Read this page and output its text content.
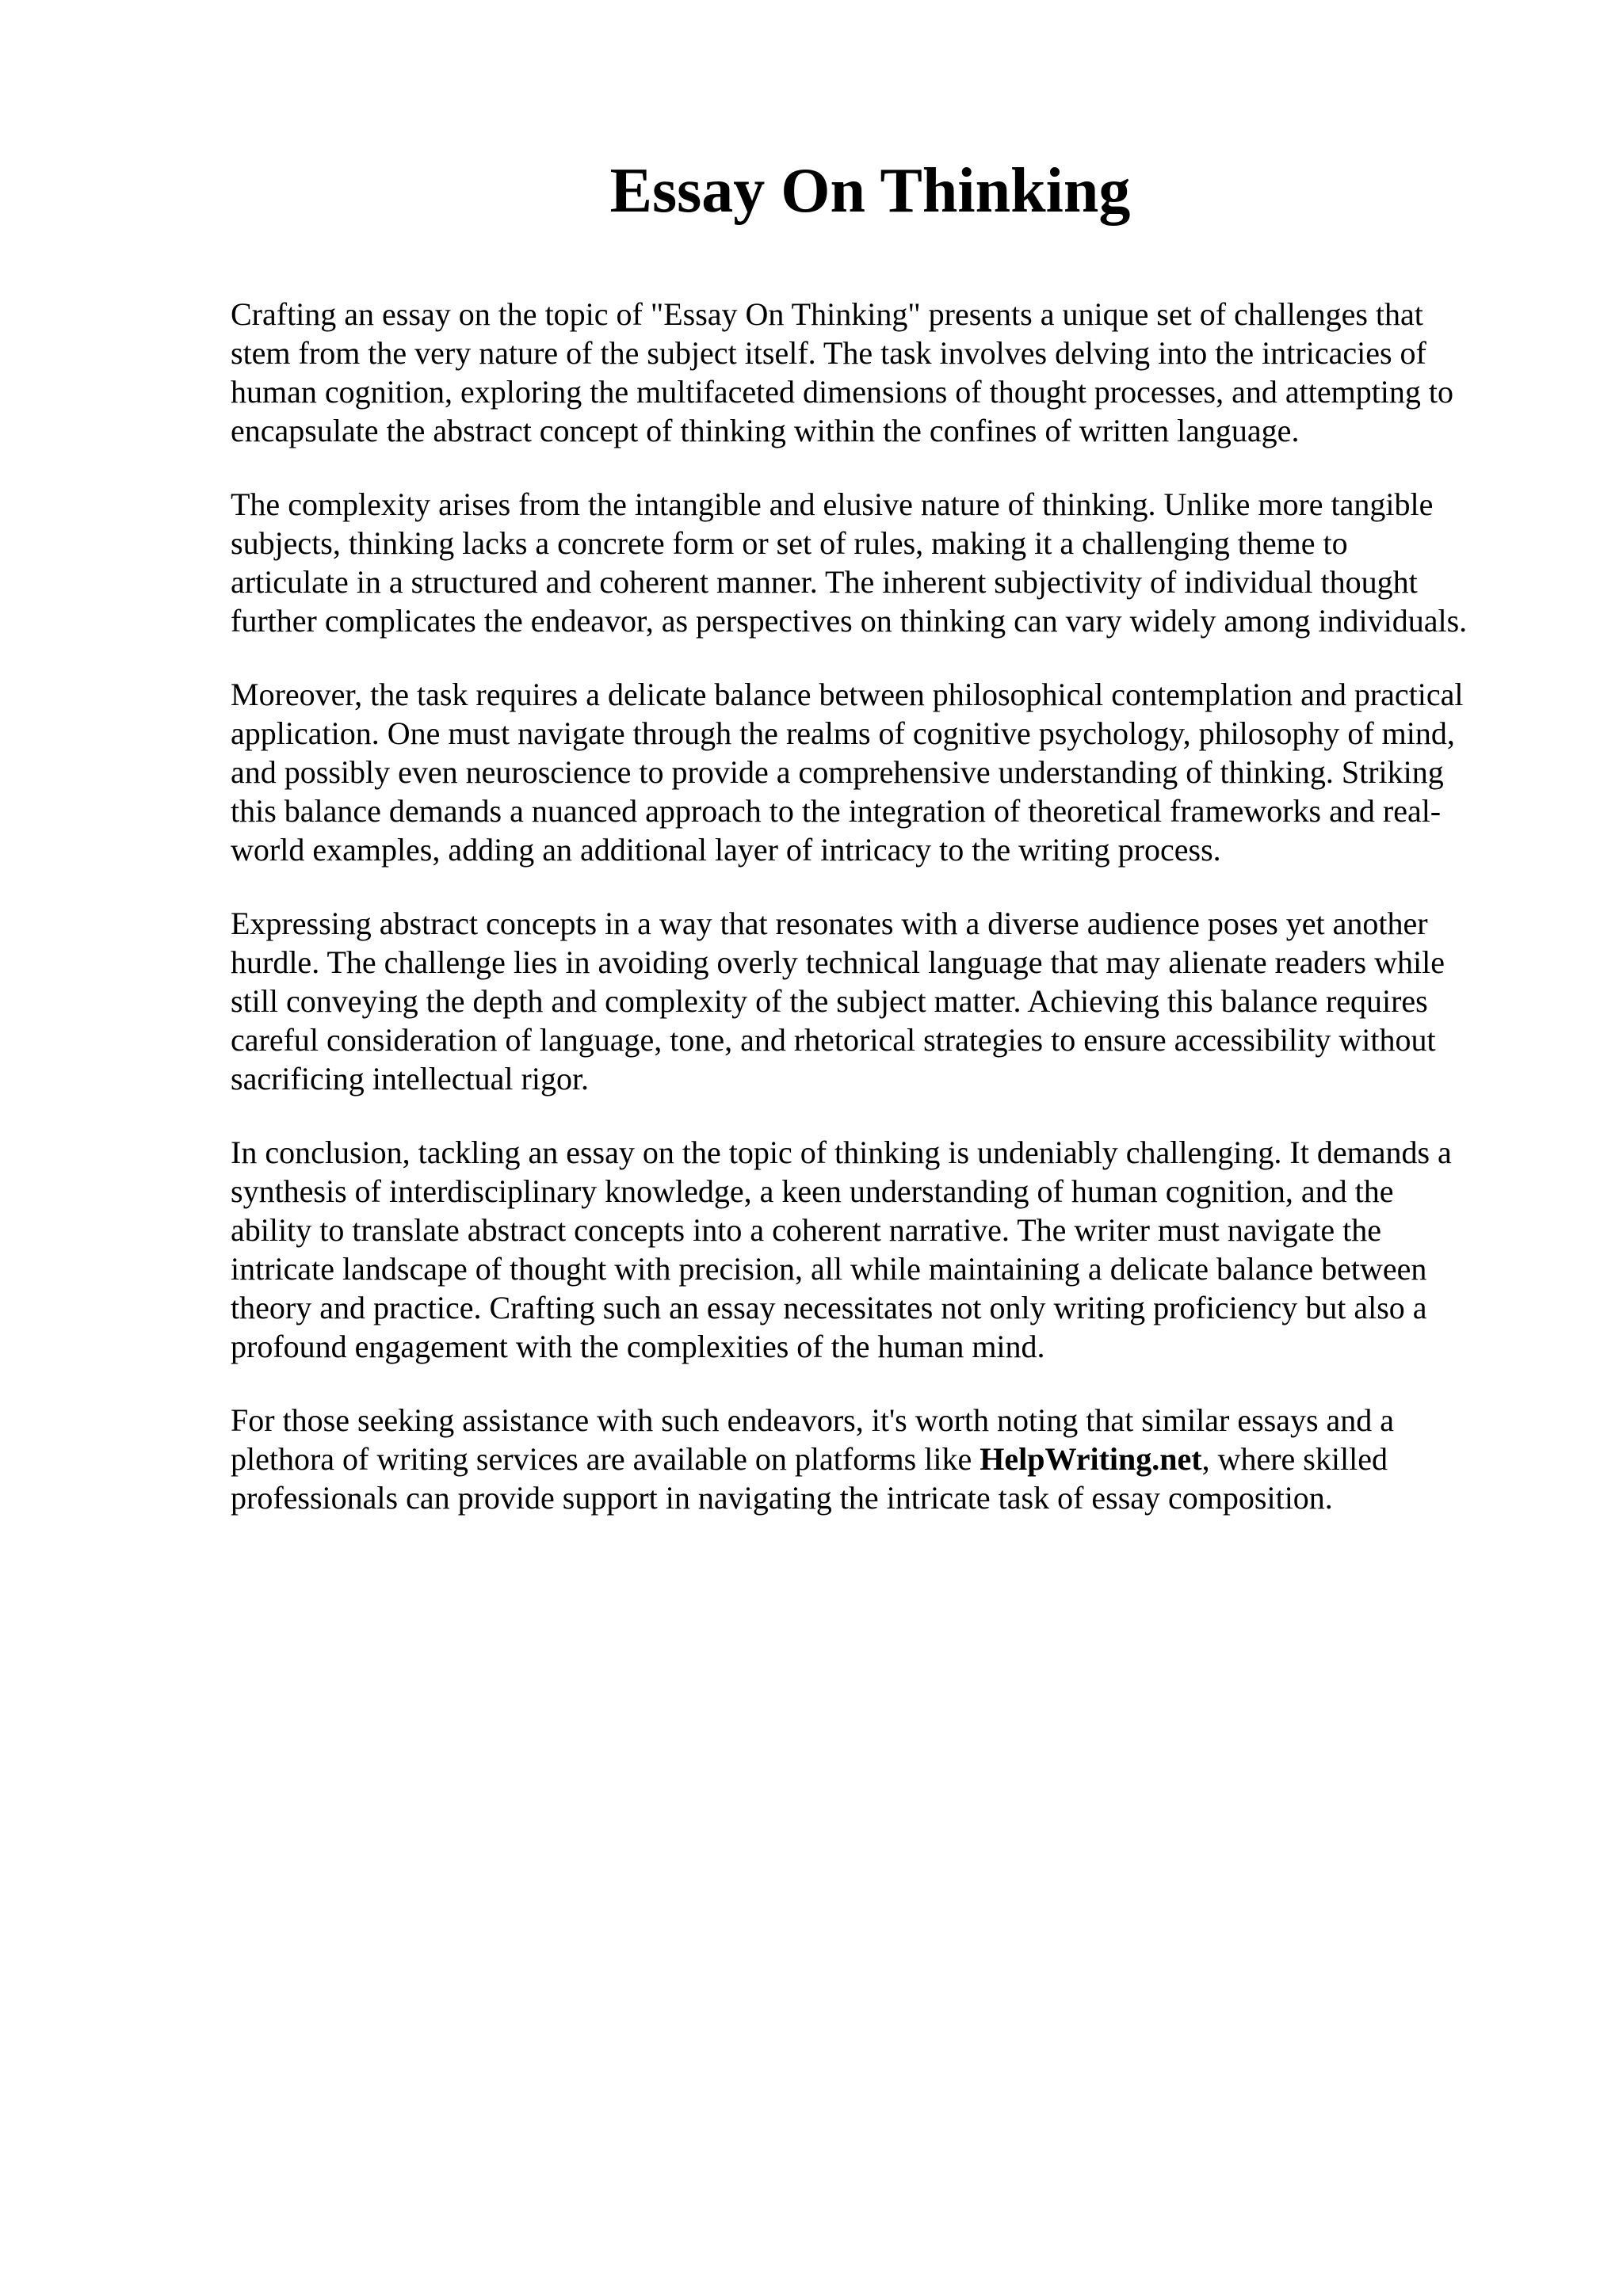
Essay On Thinking

Crafting an essay on the topic of "Essay On Thinking" presents a unique set of challenges that
stem from the very nature of the subject itself. The task involves delving into the intricacies of
human cognition, exploring the multifaceted dimensions of thought processes, and attempting to
encapsulate the abstract concept of thinking within the confines of written language.

The complexity arises from the intangible and elusive nature of thinking. Unlike more tangible
subjects, thinking lacks a concrete form or set of rules, making it a challenging theme to
articulate in a structured and coherent manner. The inherent subjectivity of individual thought
further complicates the endeavor, as perspectives on thinking can vary widely among individuals.

Moreover, the task requires a delicate balance between philosophical contemplation and practical
application. One must navigate through the realms of cognitive psychology, philosophy of mind,
and possibly even neuroscience to provide a comprehensive understanding of thinking. Striking
this balance demands a nuanced approach to the integration of theoretical frameworks and real-
world examples, adding an additional layer of intricacy to the writing process.

Expressing abstract concepts in a way that resonates with a diverse audience poses yet another
hurdle. The challenge lies in avoiding overly technical language that may alienate readers while
still conveying the depth and complexity of the subject matter. Achieving this balance requires
careful consideration of language, tone, and rhetorical strategies to ensure accessibility without
sacrificing intellectual rigor.

In conclusion, tackling an essay on the topic of thinking is undeniably challenging. It demands a
synthesis of interdisciplinary knowledge, a keen understanding of human cognition, and the
ability to translate abstract concepts into a coherent narrative. The writer must navigate the
intricate landscape of thought with precision, all while maintaining a delicate balance between
theory and practice. Crafting such an essay necessitates not only writing proficiency but also a
profound engagement with the complexities of the human mind.

For those seeking assistance with such endeavors, it's worth noting that similar essays and a
plethora of writing services are available on platforms like HelpWriting.net, where skilled
professionals can provide support in navigating the intricate task of essay composition.
